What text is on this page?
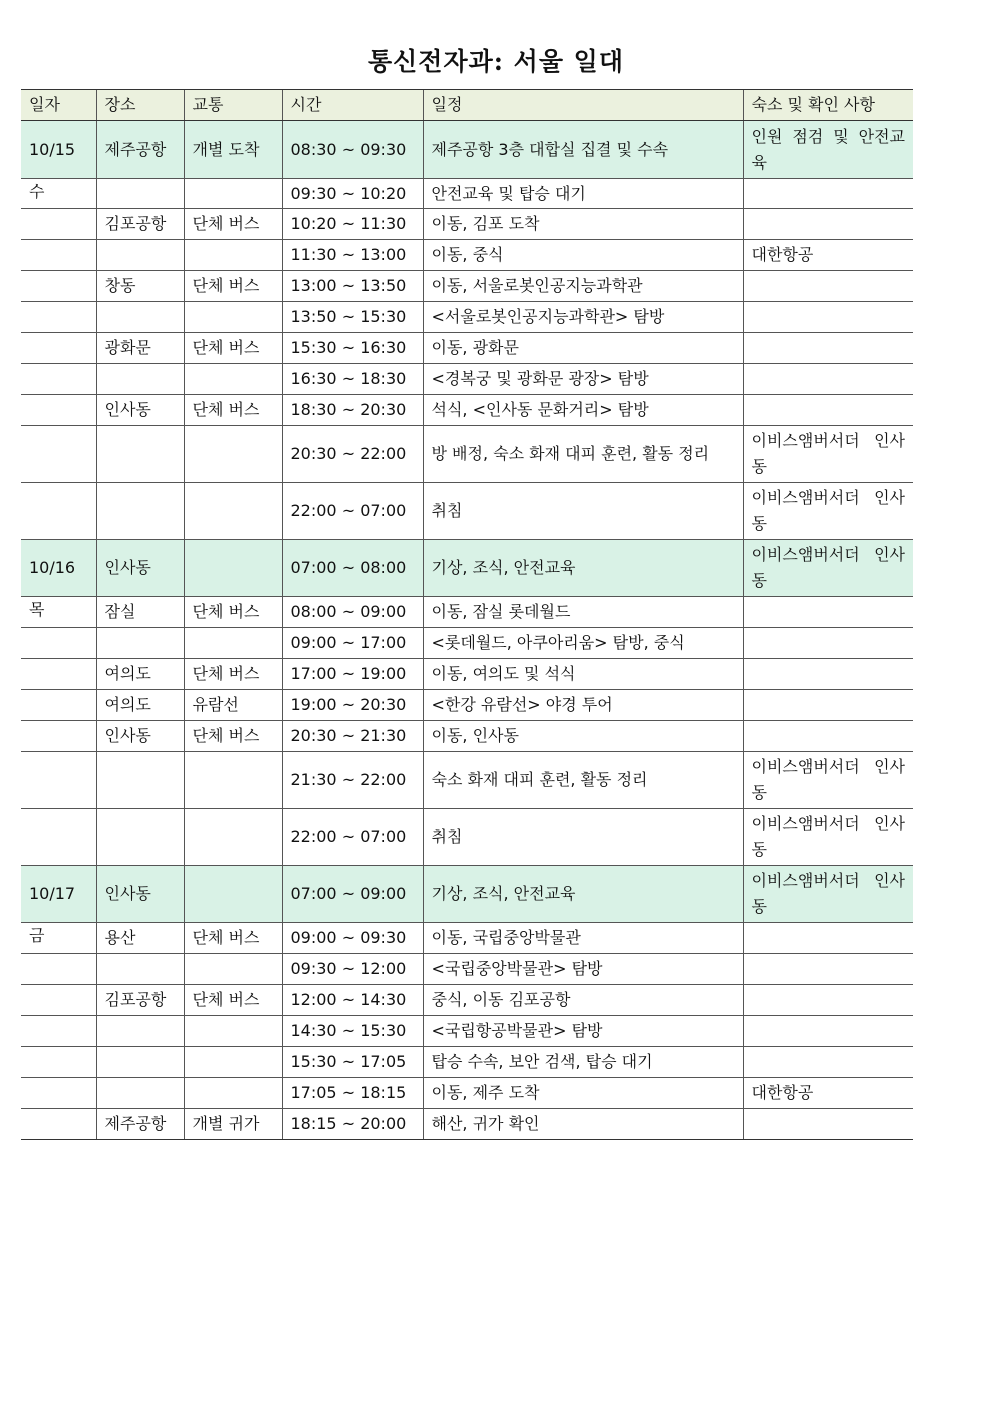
통신전자과: 서울 일대
일자	장소	교통	시간	일정	숙소 및 확인 사항
10/15	제주공항	개별 도착	08:30 ~ 09:30	제주공항 3층 대합실 집결 및 수속	인원 점검 및 안전교육
수			09:30 ~ 10:20	안전교육 및 탑승 대기	
	김포공항	단체 버스	10:20 ~ 11:30	이동, 김포 도착	
			11:30 ~ 13:00	이동, 중식	대한항공
	창동	단체 버스	13:00 ~ 13:50	이동, 서울로봇인공지능과학관	
			13:50 ~ 15:30	<서울로봇인공지능과학관> 탐방	
	광화문	단체 버스	15:30 ~ 16:30	이동, 광화문	
			16:30 ~ 18:30	<경복궁 및 광화문 광장> 탐방	
	인사동	단체 버스	18:30 ~ 20:30	석식, <인사동 문화거리> 탐방	
			20:30 ~ 22:00	방 배정, 숙소 화재 대피 훈련, 활동 정리	이비스앰버서더 인사동
			22:00 ~ 07:00	취침	이비스앰버서더 인사동
10/16	인사동		07:00 ~ 08:00	기상, 조식, 안전교육	이비스앰버서더 인사동
목	잠실	단체 버스	08:00 ~ 09:00	이동, 잠실 롯데월드	
			09:00 ~ 17:00	<롯데월드, 아쿠아리움> 탐방, 중식	
	여의도	단체 버스	17:00 ~ 19:00	이동, 여의도 및 석식	
	여의도	유람선	19:00 ~ 20:30	<한강 유람선> 야경 투어	
	인사동	단체 버스	20:30 ~ 21:30	이동, 인사동	
			21:30 ~ 22:00	숙소 화재 대피 훈련, 활동 정리	이비스앰버서더 인사동
			22:00 ~ 07:00	취침	이비스앰버서더 인사동
10/17	인사동		07:00 ~ 09:00	기상, 조식, 안전교육	이비스앰버서더 인사동
금	용산	단체 버스	09:00 ~ 09:30	이동, 국립중앙박물관	
			09:30 ~ 12:00	<국립중앙박물관> 탐방	
	김포공항	단체 버스	12:00 ~ 14:30	중식, 이동 김포공항	
			14:30 ~ 15:30	<국립항공박물관> 탐방	
			15:30 ~ 17:05	탑승 수속, 보안 검색, 탑승 대기	
			17:05 ~ 18:15	이동, 제주 도착	대한항공
	제주공항	개별 귀가	18:15 ~ 20:00	해산, 귀가 확인	
